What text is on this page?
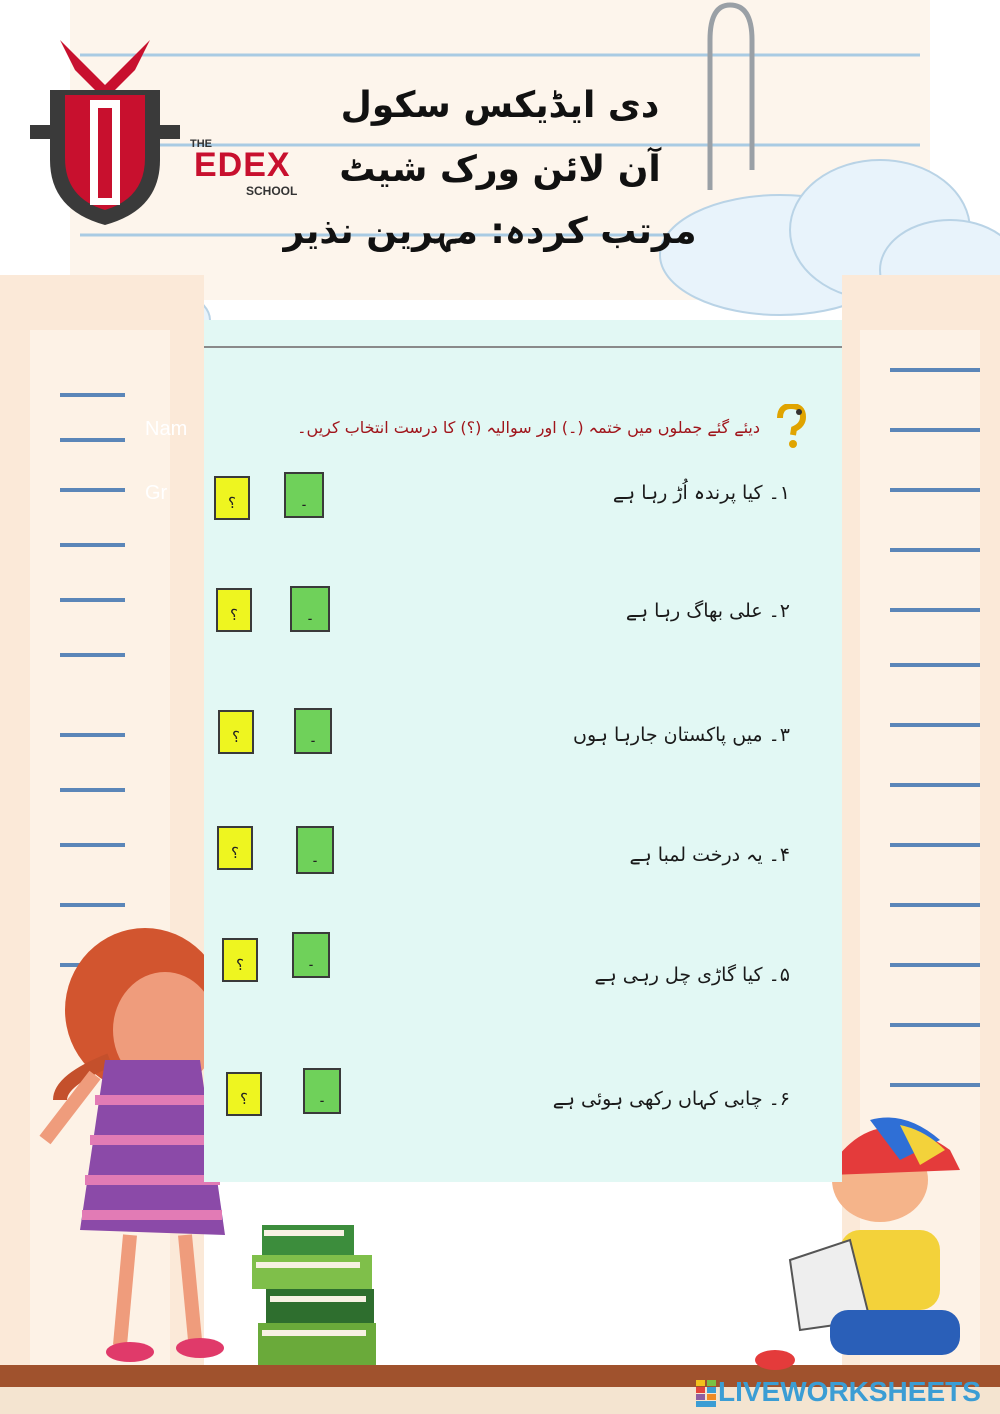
THE
EDEX
SCHOOL
دی ایڈیکس سکول
آن لائن ورک شیٹ
مرتب کردہ: مہرین نذیر
Nam
Gr
دیئے گئے جملوں میں ختمہ (۔) اور سوالیہ (؟) کا درست انتخاب کریں۔
۱۔ کیا پرندہ اُڑ رہا ہے
؟	۔
۲۔ علی بھاگ رہا ہے
؟	۔
۳۔ میں پاکستان جارہا ہوں
؟	۔
۴۔ یہ درخت لمبا ہے
؟	۔
۵۔ کیا گاڑی چل رہی ہے
؟	۔
۶۔ چابی کہاں رکھی ہوئی ہے
؟	۔
LIVEWORKSHEETS
